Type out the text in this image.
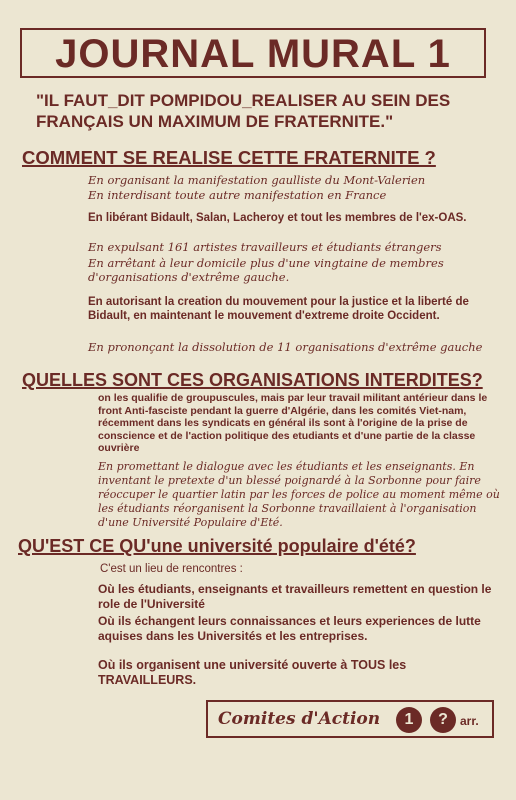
JOURNAL MURAL 1
"IL FAUT_DIT POMPIDOU_REALISER AU SEIN DES FRANÇAIS UN MAXIMUM DE FRATERNITE."
COMMENT SE REALISE CETTE FRATERNITE ?
En organisant la manifestation gaulliste du Mont-Valerien
En interdisant toute autre manifestation en France
En libérant Bidault, Salan, Lacheroy et tout les membres de l'ex-OAS.
En expulsant 161 artistes travailleurs et étudiants étrangers
En arrêtant à leur domicile plus d'une vingtaine de membres d'organisations d'extrême gauche.
En autorisant la creation du mouvement pour la justice et la liberté de Bidault, en maintenant le mouvement d'extreme droite Occident.
En prononçant la dissolution de 11 organisations d'extrême gauche
QUELLES SONT CES ORGANISATIONS INTERDITES?
on les qualifie de groupuscules, mais par leur travail militant antérieur dans le front Anti-fasciste pendant la guerre d'Algérie, dans les comités Viet-nam, récemment dans les syndicats en général ils sont à l'origine de la prise de conscience et de l'action politique des etudiants et d'une partie de la classe ouvrière
En promettant le dialogue avec les étudiants et les enseignants. En inventant le pretexte d'un blessé poignardé à la Sorbonne pour faire réoccuper le quartier latin par les forces de police au moment même où les étudiants réorganisent la Sorbonne travaillaient à l'organisation d'une Université Populaire d'Eté.
QU'EST CE QU'une université populaire d'été?
C'est un lieu de rencontres :
Où les étudiants, enseignants et travailleurs remettent en question le role de l'Université
Où ils échangent leurs connaissances et leurs experiences de lutte aquises dans les Universités et les entreprises.
Où ils organisent une université ouverte à TOUS les TRAVAILLEURS.
Comites d'Action	1	?	arr.
